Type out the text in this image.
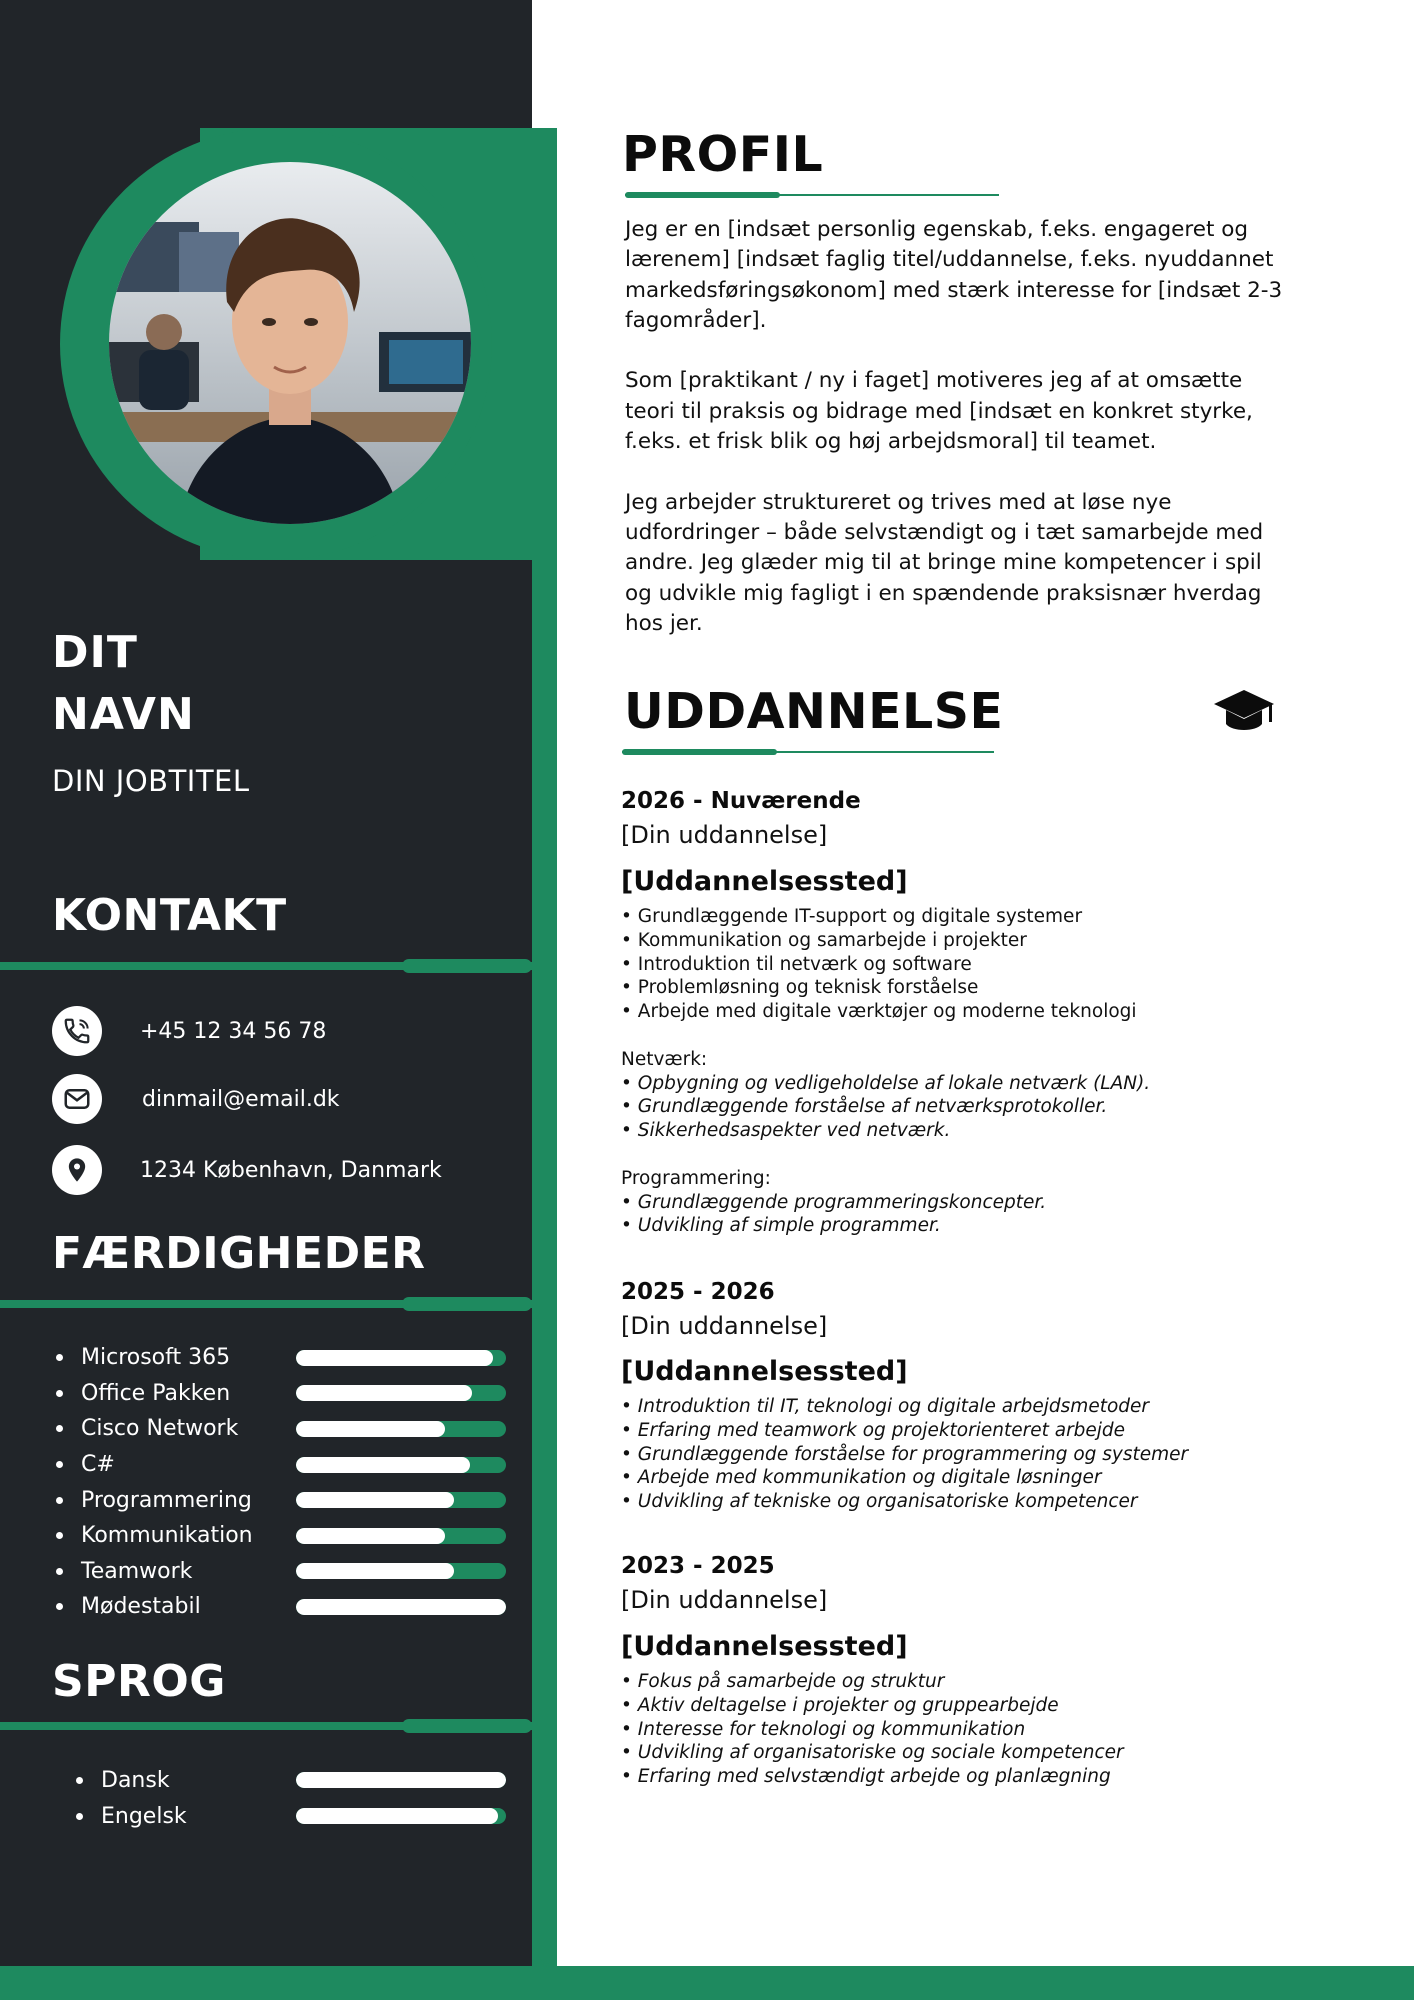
DIT
NAVN
DIN JOBTITEL
KONTAKT
+45 12 34 56 78
dinmail@email.dk
1234 København, Danmark
FÆRDIGHEDER
Microsoft 365
Office Pakken
Cisco Network
C#
Programmering
Kommunikation
Teamwork
Mødestabil
SPROG
Dansk
Engelsk
PROFIL

Jeg er en [indsæt personlig egenskab, f.eks. engageret og lærenem] [indsæt faglig titel/uddannelse, f.eks. nyuddannet markedsføringsøkonom] med stærk interesse for [indsæt 2-3 fagområder].

Som [praktikant / ny i faget] motiveres jeg af at omsætte teori til praksis og bidrage med [indsæt en konkret styrke, f.eks. et frisk blik og høj arbejdsmoral] til teamet.

Jeg arbejder struktureret og trives med at løse nye udfordringer – både selvstændigt og i tæt samarbejde med andre. Jeg glæder mig til at bringe mine kompetencer i spil og udvikle mig fagligt i en spændende praksisnær hverdag hos jer.

UDDANNELSE
2026 - Nuværende
[Din uddannelse]
[Uddannelsessted]
• Grundlæggende IT-support og digitale systemer
• Kommunikation og samarbejde i projekter
• Introduktion til netværk og software
• Problemløsning og teknisk forståelse
• Arbejde med digitale værktøjer og moderne teknologi
Netværk:
• Opbygning og vedligeholdelse af lokale netværk (LAN).
• Grundlæggende forståelse af netværksprotokoller.
• Sikkerhedsaspekter ved netværk.
Programmering:
• Grundlæggende programmeringskoncepter.
• Udvikling af simple programmer.
2025 - 2026
[Din uddannelse]
[Uddannelsessted]
• Introduktion til IT, teknologi og digitale arbejdsmetoder
• Erfaring med teamwork og projektorienteret arbejde
• Grundlæggende forståelse for programmering og systemer
• Arbejde med kommunikation og digitale løsninger
• Udvikling af tekniske og organisatoriske kompetencer
2023 - 2025
[Din uddannelse]
[Uddannelsessted]
• Fokus på samarbejde og struktur
• Aktiv deltagelse i projekter og gruppearbejde
• Interesse for teknologi og kommunikation
• Udvikling af organisatoriske og sociale kompetencer
• Erfaring med selvstændigt arbejde og planlægning
